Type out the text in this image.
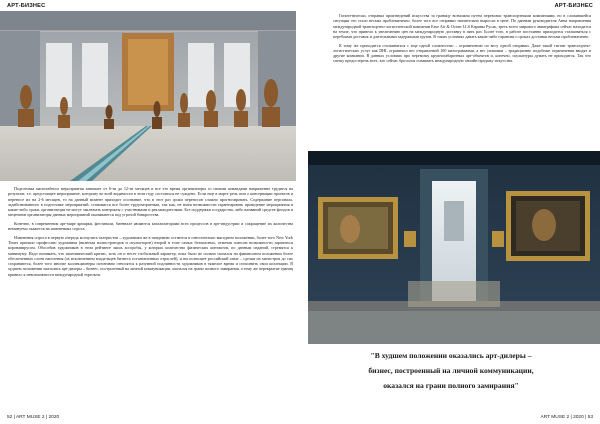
АРТ-БИЗНЕС	АРТ-БИЗНЕС

Подготовка масштабного мероприятия занимает от 6-ти до 12-ти месяцев и все это время организаторы со своими командами напряженно трудятся на результат, т.е. предстоящее мероприятие, которому во всей видимости в этом году состояться не суждено. Если еще в марте речь шла о консервации проектов и переносе их на 2-6 месяцев, то на данный момент приходит осознание, что в этот раз сроки переносов сложно прогнозировать. Содержание персонала, задействованного в подготовке мероприятий, становится все более трудозатратным, так как, не имея возможности гарантировать проведение мероприятия в какие-либо сроки, организаторы не могут заключать контракты с участниками и рекламодателями. Без поддержки государства, либо вливаний средств фондов и меценатов организаторы данных мероприятий оказываются под угрозой банкротства.

Конечно, в современном арт-мире ярмарки, фестивали, биеннале являются катализаторами всех процессов в арт-индустрии и сокращение их количества неминуемо скажется на изменениях спроса.

Изменения спроса в первую очередь коснулись галеристов – художники же в пандемию остаются в относительно выгодном положении, более того New York Times приняло профессию художника (включая иллюстраторов и скульпторов) второй в топе самых безопасных, отмечая плюсом возможности заразиться коронавирусом. Обособив художников в этом рейтинге лишь ассоробы, у которых количество физических контактов, по данным изданий, стремятся к минимуму. Надо понимать, что экономический кризис, хоть он и несет глобальный характер, пока было не сильно сказался на финансовом положении более обеспеченных слоев населения (за исключением владельцев бизнеса остановленных отраслей), и им позволяет российский опыт – сделки их магистров до сих сохраняются, более того многие коллекционеры позитивно относятся к разумной подлинности художников в тяжелое время и пополнить свои коллекции. В худшем положении оказались арт-дилеры – бизнес, построенный на личной коммуникации, оказался на грани полного замирания, а тему же перекрытие границ привело к невозможности международной торговли.

Гипотетически, отправка произведений искусства за границу возможна путем перевозки транспортными компаниями, но в сложившейся ситуации это стало весьма проблематично, более того все отправки значительно выросли в цене. По данным руководителя Анна направления международной транспортно-логистической компании Ease Air & Ocean LLS Карины Русак, треть всего мирового авиатрафика сейчас находится на земле, что привело к увеличению цен на международную доставку в пять раз. Более того, в работе постоянно приходится сталкиваться с перебоями доставок и длительными задержками грузов. В таких условиях давать какие-либо гарантии о сроках доставки весьма проблематично.

К тому же приходится сталкиваться с еще одной сложностью – ограничению по весу одной отправки. Даже такой гигант транспортно-логистических услуг как DHL ограничил вес отправлений 100 килограммами, а вес упаковки – традиционно подобные ограничения вводят и другие компании. В данных условиях про перевозку крупногабаритных арт-объектов и, конечно, скульптуры думать не приходится. Так что спешу предостеречь всех, кто сейчас бросился осваивать международную онлайн продажу искусства.

"В худшем положении оказались арт-дилеры –
бизнес, построенный на личной коммуникации,
оказался на грани полного замирания"
52 | ART MUSE 2 | 2020	ART MUSE 2 | 2020 | 53
